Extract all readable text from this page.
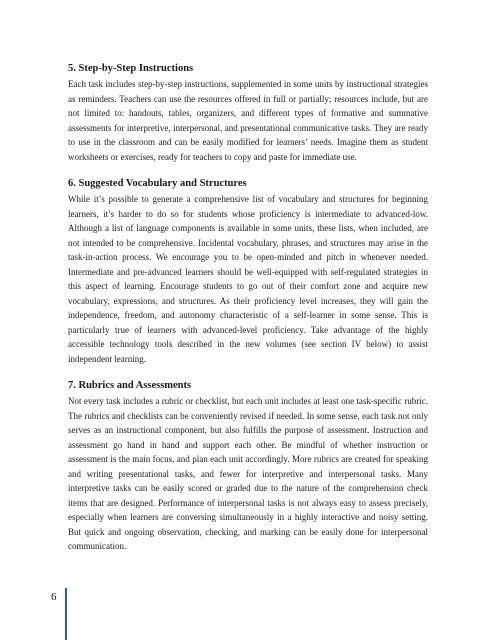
5. Step-by-Step Instructions

Each task includes step-by-step instructions, supplemented in some units by instructional strategies as reminders. Teachers can use the resources offered in full or partially; resources include, but are not limited to: handouts, tables, organizers, and different types of formative and summative assessments for interpretive, interpersonal, and presentational communicative tasks. They are ready to use in the classroom and can be easily modified for learners’ needs. Imagine them as student worksheets or exercises, ready for teachers to copy and paste for immediate use.

6. Suggested Vocabulary and Structures

While it’s possible to generate a comprehensive list of vocabulary and structures for beginning learners, it’s harder to do so for students whose proficiency is intermediate to advanced-low. Although a list of language components is available in some units, these lists, when included, are not intended to be comprehensive. Incidental vocabulary, phrases, and structures may arise in the task-in-action process. We encourage you to be open-minded and pitch in whenever needed. Intermediate and pre-advanced learners should be well-equipped with self-regulated strategies in this aspect of learning. Encourage students to go out of their comfort zone and acquire new vocabulary, expressions, and structures. As their proficiency level increases, they will gain the independence, freedom, and autonomy characteristic of a self-learner in some sense. This is particularly true of learners with advanced-level proficiency. Take advantage of the highly accessible technology tools described in the new volumes (see section IV below) to assist independent learning.

7. Rubrics and Assessments

Not every task includes a rubric or checklist, but each unit includes at least one task-specific rubric. The rubrics and checklists can be conveniently revised if needed. In some sense, each task not only serves as an instructional component, but also fulfills the purpose of assessment. Instruction and assessment go hand in hand and support each other. Be mindful of whether instruction or assessment is the main focus, and plan each unit accordingly. More rubrics are created for speaking and writing presentational tasks, and fewer for interpretive and interpersonal tasks. Many interpretive tasks can be easily scored or graded due to the nature of the comprehension check items that are designed. Performance of interpersonal tasks is not always easy to assess precisely, especially when learners are conversing simultaneously in a highly interactive and noisy setting. But quick and ongoing observation, checking, and marking can be easily done for interpersonal communication.

6
